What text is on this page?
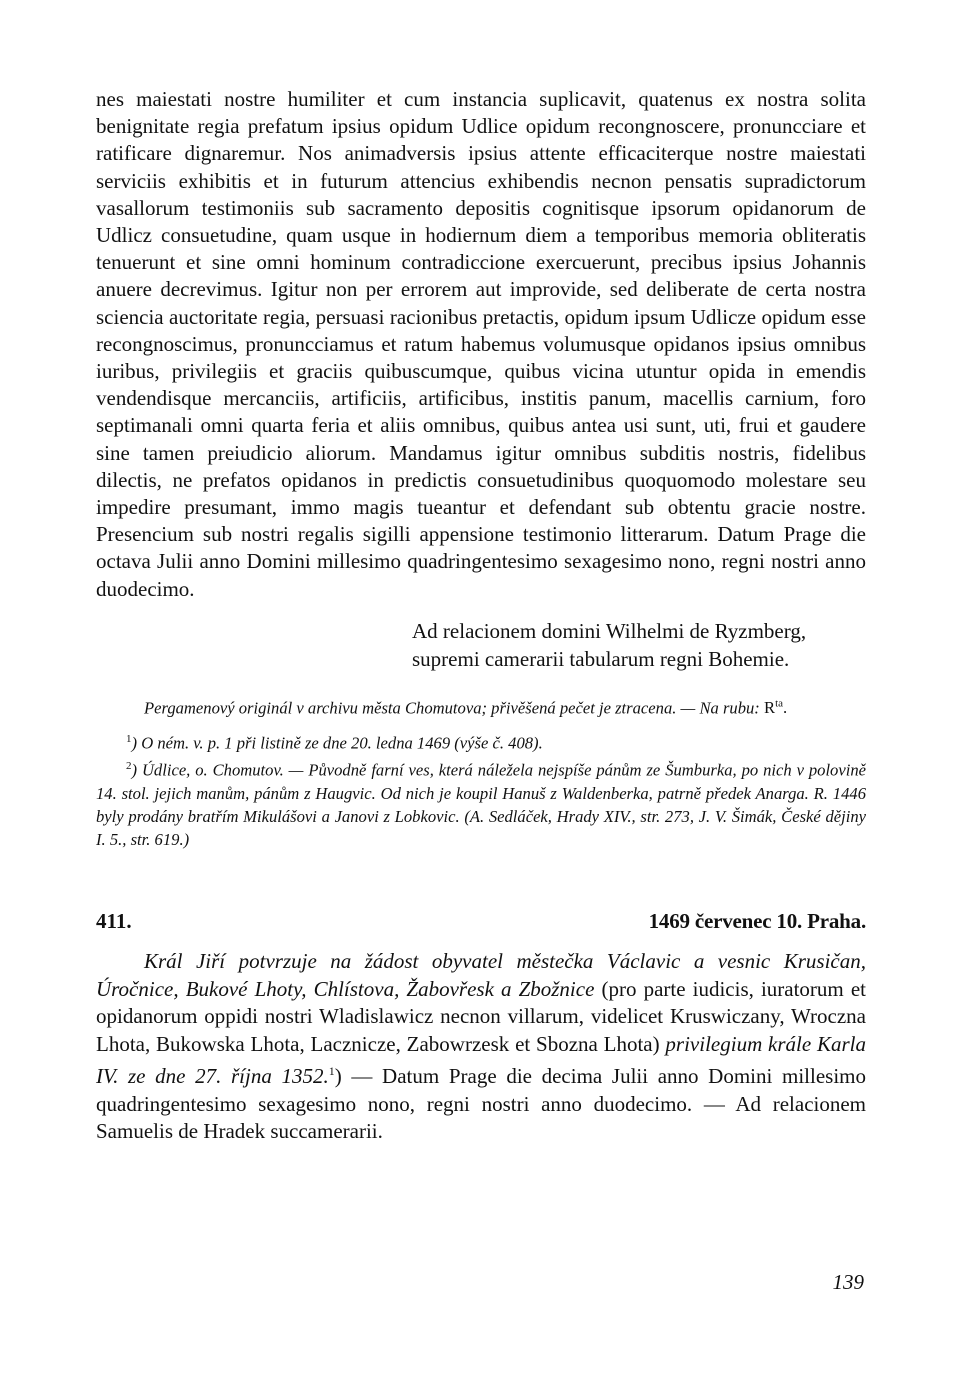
nes maiestati nostre humiliter et cum instancia suplicavit, quatenus ex nostra solita benignitate regia prefatum ipsius opidum Udlice opidum recongnoscere, pronuncciare et ratificare dignaremur. Nos animadversis ipsius attente efficaciterque nostre maiestati serviciis exhibitis et in futurum attencius exhibendis necnon pensatis supradictorum vasallorum testimoniis sub sacramento depositis cognitisque ipsorum opidanorum de Udlicz consuetudine, quam usque in hodiernum diem a temporibus memoria obliteratis tenuerunt et sine omni hominum contradiccione exercuerunt, precibus ipsius Johannis anuere decrevimus. Igitur non per errorem aut improvide, sed deliberate de certa nostra sciencia auctoritate regia, persuasi racionibus pretactis, opidum ipsum Udlicze opidum esse recongnoscimus, pronuncciamus et ratum habemus volumusque opidanos ipsius omnibus iuribus, privilegiis et graciis quibuscumque, quibus vicina utuntur opida in emendis vendendisque mercanciis, artificiis, artificibus, institis panum, macellis carnium, foro septimanali omni quarta feria et aliis omnibus, quibus antea usi sunt, uti, frui et gaudere sine tamen preiudicio aliorum. Mandamus igitur omnibus subditis nostris, fidelibus dilectis, ne prefatos opidanos in predictis consuetudinibus quoquomodo molestare seu impedire presumant, immo magis tueantur et defendant sub obtentu gracie nostre. Presencium sub nostri regalis sigilli appensione testimonio litterarum. Datum Prage die octava Julii anno Domini millesimo quadringentesimo sexagesimo nono, regni nostri anno duodecimo.

Ad relacionem domini Wilhelmi de Ryzmberg,
supremi camerarii tabularum regni Bohemie.
Pergamenový originál v archivu města Chomutova; přivěšená pečet je ztracena. — Na rubu: $R^{ta}$.
$^1$) O ném. v. p. 1 při listině ze dne 20. ledna 1469 (výše č. 408).
$^2$) Údlice, o. Chomutov. — Původně farní ves, která náležela nejspíše pánům ze Šumburka, po nich v polovině 14. stol. jejich manům, pánům z Haugvic. Od nich je koupil Hanuš z Waldenberka, patrně předek Anarga. R. 1446 byly prodány bratřím Mikulášovi a Janovi z Lobkovic. (A. Sedláček, Hrady XIV., str. 273, J. V. Šimák, České dějiny I. 5., str. 619.)
411.	1469 červenec 10. Praha.

Král Jiří potvrzuje na žádost obyvatel městečka Václavic a vesnic Krusičan, Úročnice, Bukové Lhoty, Chlístova, Žabovřesk a Zbožnice (pro parte iudicis, iuratorum et opidanorum oppidi nostri Wladislawicz necnon villarum, videlicet Kruswiczany, Wroczna Lhota, Bukowska Lhota, Lacznicze, Zabowrzesk et Sbozna Lhota) privilegium krále Karla IV. ze dne 27. října 1352.$^1$) — Datum Prage die decima Julii anno Domini millesimo quadringentesimo sexagesimo nono, regni nostri anno duodecimo. — Ad relacionem Samuelis de Hradek succamerarii.

139
